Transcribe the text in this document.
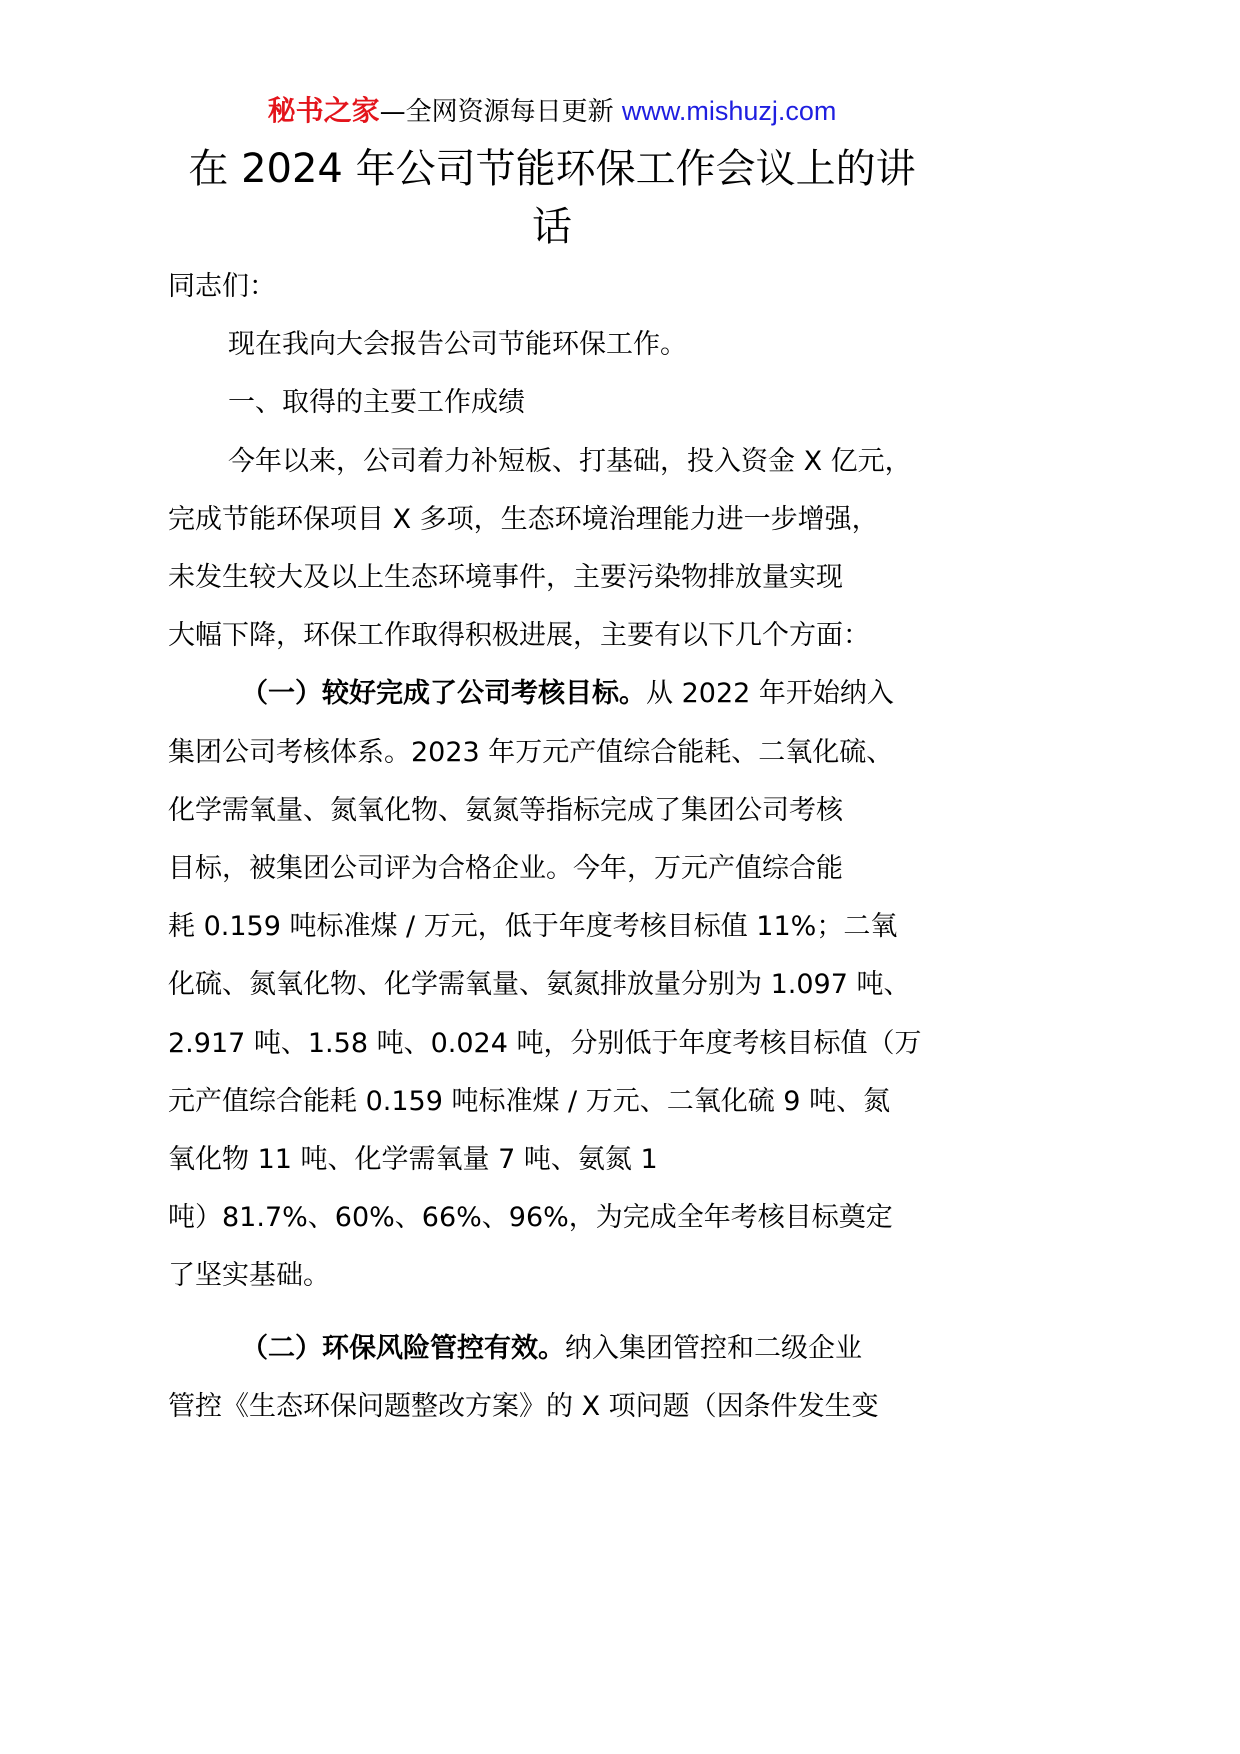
秘书之家—全网资源每日更新 www.mishuzj.com
在 2024 年公司节能环保工作会议上的讲
话
同志们：
现在我向大会报告公司节能环保工作。
一、取得的主要工作成绩
今年以来，公司着力补短板、打基础，投入资金 X 亿元，
完成节能环保项目 X 多项，生态环境治理能力进一步增强，
未发生较大及以上生态环境事件，主要污染物排放量实现
大幅下降，环保工作取得积极进展，主要有以下几个方面：
（一）较好完成了公司考核目标。从 2022 年开始纳入
集团公司考核体系。2023 年万元产值综合能耗、二氧化硫、
化学需氧量、氮氧化物、氨氮等指标完成了集团公司考核
目标，被集团公司评为合格企业。今年，万元产值综合能
耗 0.159 吨标准煤 / 万元，低于年度考核目标值 11%；二氧
化硫、氮氧化物、化学需氧量、氨氮排放量分别为 1.097 吨、
2.917 吨、1.58 吨、0.024 吨，分别低于年度考核目标值（万
元产值综合能耗 0.159 吨标准煤 / 万元、二氧化硫 9 吨、氮
氧化物 11 吨、化学需氧量 7 吨、氨氮 1
吨）81.7%、60%、66%、96%，为完成全年考核目标奠定
了坚实基础。
（二）环保风险管控有效。纳入集团管控和二级企业
管控《生态环保问题整改方案》的 X 项问题（因条件发生变
